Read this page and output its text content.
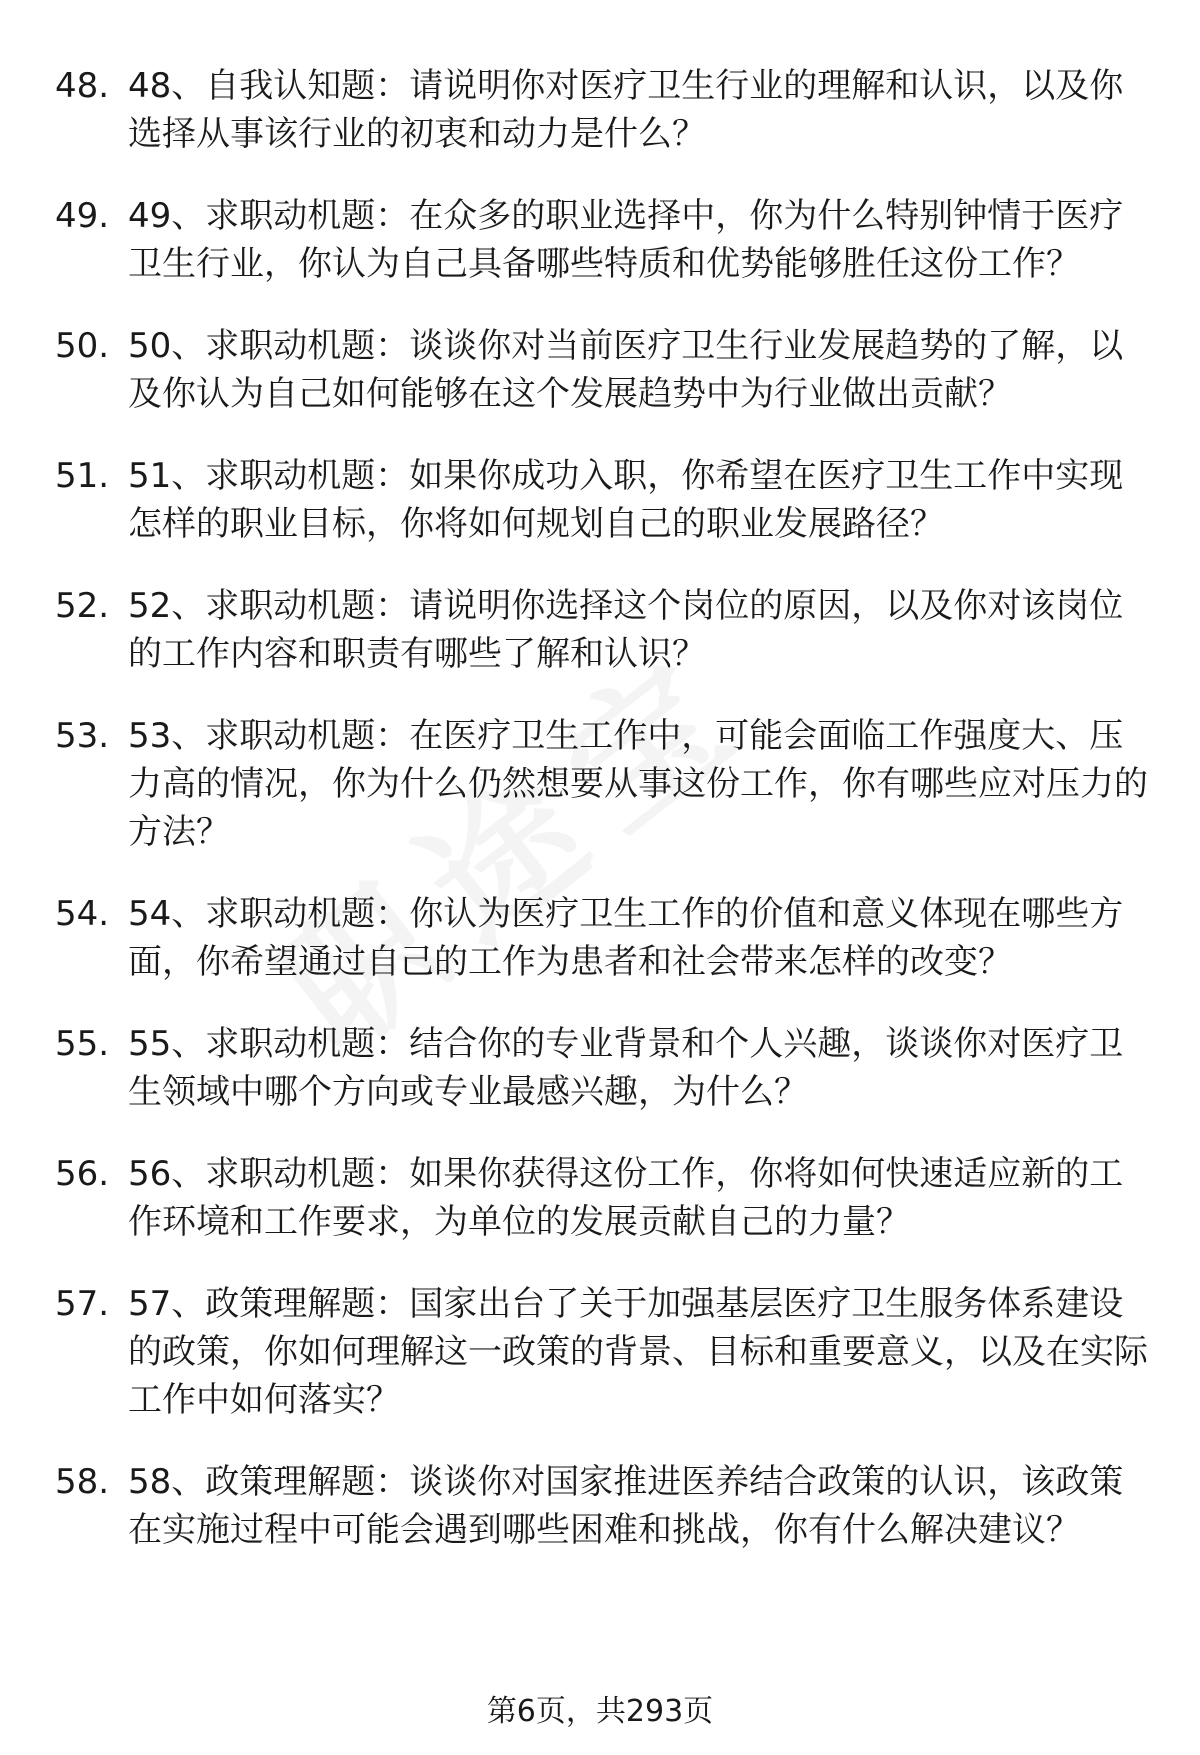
48. 48、自我认知题：请说明你对医疗卫生行业的理解和认识，以及你选择从事该行业的初衷和动力是什么？
49. 49、求职动机题：在众多的职业选择中，你为什么特别钟情于医疗卫生行业，你认为自己具备哪些特质和优势能够胜任这份工作？
50. 50、求职动机题：谈谈你对当前医疗卫生行业发展趋势的了解，以及你认为自己如何能够在这个发展趋势中为行业做出贡献？
51. 51、求职动机题：如果你成功入职，你希望在医疗卫生工作中实现怎样的职业目标，你将如何规划自己的职业发展路径？
52. 52、求职动机题：请说明你选择这个岗位的原因，以及你对该岗位的工作内容和职责有哪些了解和认识？
53. 53、求职动机题：在医疗卫生工作中，可能会面临工作强度大、压力高的情况，你为什么仍然想要从事这份工作，你有哪些应对压力的方法？
54. 54、求职动机题：你认为医疗卫生工作的价值和意义体现在哪些方面，你希望通过自己的工作为患者和社会带来怎样的改变？
55. 55、求职动机题：结合你的专业背景和个人兴趣，谈谈你对医疗卫生领域中哪个方向或专业最感兴趣，为什么？
56. 56、求职动机题：如果你获得这份工作，你将如何快速适应新的工作环境和工作要求，为单位的发展贡献自己的力量？
57. 57、政策理解题：国家出台了关于加强基层医疗卫生服务体系建设的政策，你如何理解这一政策的背景、目标和重要意义，以及在实际工作中如何落实？
58. 58、政策理解题：谈谈你对国家推进医养结合政策的认识，该政策在实施过程中可能会遇到哪些困难和挑战，你有什么解决建议？
第6页，共293页
